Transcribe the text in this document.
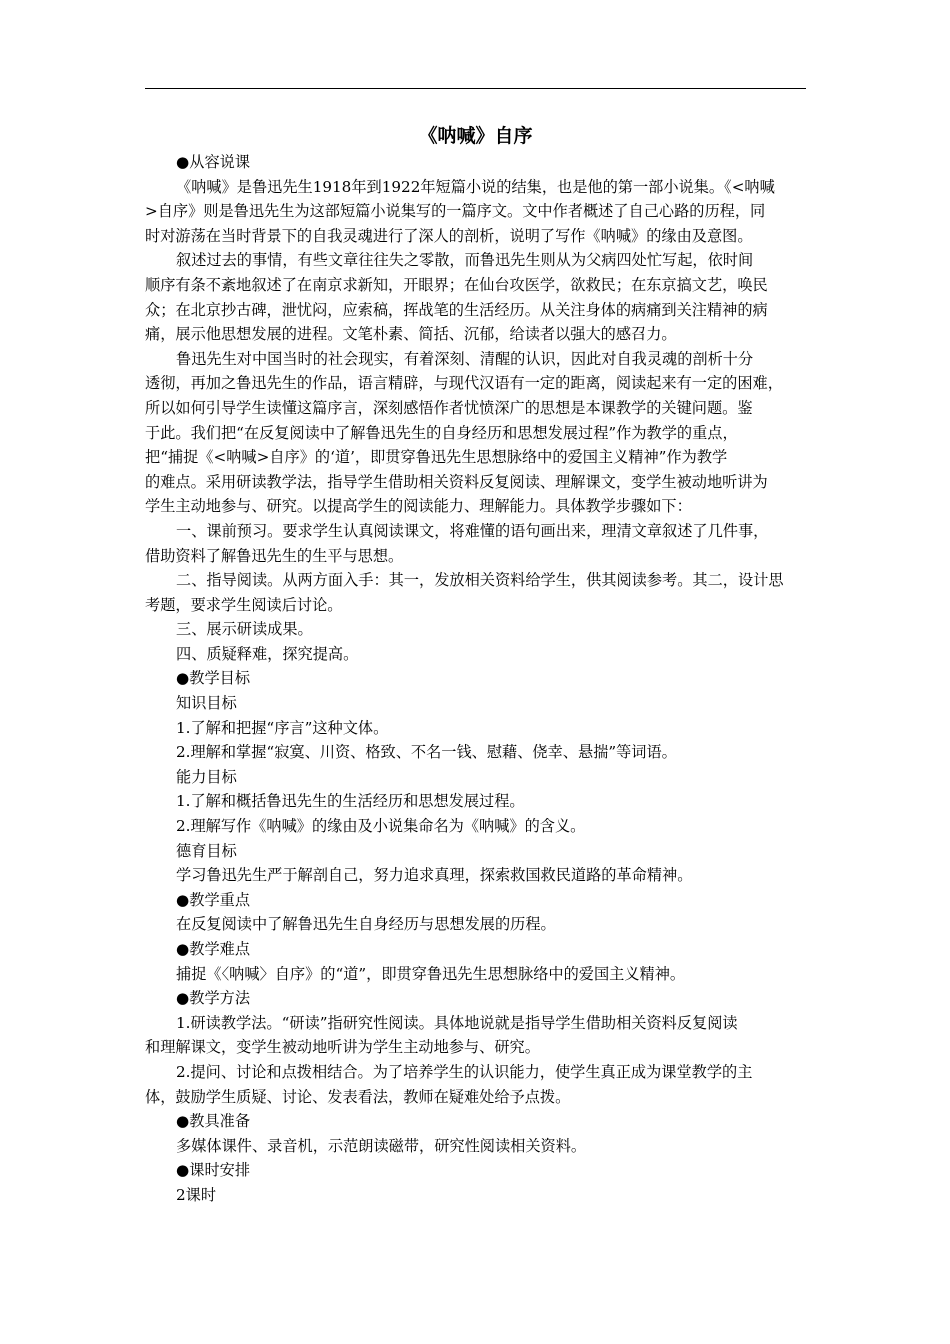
《呐喊》自序

●从容说课

《呐喊》是鲁迅先生1918年到1922年短篇小说的结集，也是他的第一部小说集。《<呐喊

>自序》则是鲁迅先生为这部短篇小说集写的一篇序文。文中作者概述了自己心路的历程，同

时对游荡在当时背景下的自我灵魂进行了深人的剖析，说明了写作《呐喊》的缘由及意图。

叙述过去的事情，有些文章往往失之零散，而鲁迅先生则从为父病四处忙写起，依时间

顺序有条不紊地叙述了在南京求新知，开眼界；在仙台攻医学，欲救民；在东京搞文艺，唤民

众；在北京抄古碑，泄忧闷，应索稿，挥战笔的生活经历。从关注身体的病痛到关注精神的病

痛，展示他思想发展的进程。文笔朴素、简括、沉郁，给读者以强大的感召力。

鲁迅先生对中国当时的社会现实，有着深刻、清醒的认识，因此对自我灵魂的剖析十分

透彻，再加之鲁迅先生的作品，语言精辟，与现代汉语有一定的距离，阅读起来有一定的困难，

所以如何引导学生读懂这篇序言，深刻感悟作者忧愤深广的思想是本课教学的关键问题。鉴

于此。我们把“在反复阅读中了解鲁迅先生的自身经历和思想发展过程”作为教学的重点，

把“捕捉《<呐喊>自序》的‘道’，即贯穿鲁迅先生思想脉络中的爱国主义精神”作为教学

的难点。采用研读教学法，指导学生借助相关资料反复阅读、理解课文，变学生被动地听讲为

学生主动地参与、研究。以提高学生的阅读能力、理解能力。具体教学步骤如下：

一、课前预习。要求学生认真阅读课文，将难懂的语句画出来，理清文章叙述了几件事，

借助资料了解鲁迅先生的生平与思想。

二、指导阅读。从两方面入手：其一，发放相关资料给学生，供其阅读参考。其二，设计思

考题，要求学生阅读后讨论。

三、展示研读成果。

四、质疑释难，探究提高。

●教学目标

知识目标

1.了解和把握“序言”这种文体。

2.理解和掌握“寂寞、川资、格致、不名一钱、慰藉、侥幸、悬揣”等词语。

能力目标

1.了解和概括鲁迅先生的生活经历和思想发展过程。

2.理解写作《呐喊》的缘由及小说集命名为《呐喊》的含义。

德育目标

学习鲁迅先生严于解剖自己，努力追求真理，探索救国救民道路的革命精神。

●教学重点

在反复阅读中了解鲁迅先生自身经历与思想发展的历程。

●教学难点

捕捉《〈呐喊〉自序》的“道”，即贯穿鲁迅先生思想脉络中的爱国主义精神。

●教学方法

1.研读教学法。“研读”指研究性阅读。具体地说就是指导学生借助相关资料反复阅读

和理解课文，变学生被动地听讲为学生主动地参与、研究。

2.提问、讨论和点拨相结合。为了培养学生的认识能力，使学生真正成为课堂教学的主

体，鼓励学生质疑、讨论、发表看法，教师在疑难处给予点拨。

●教具准备

多媒体课件、录音机，示范朗读磁带，研究性阅读相关资料。

●课时安排

2课时
